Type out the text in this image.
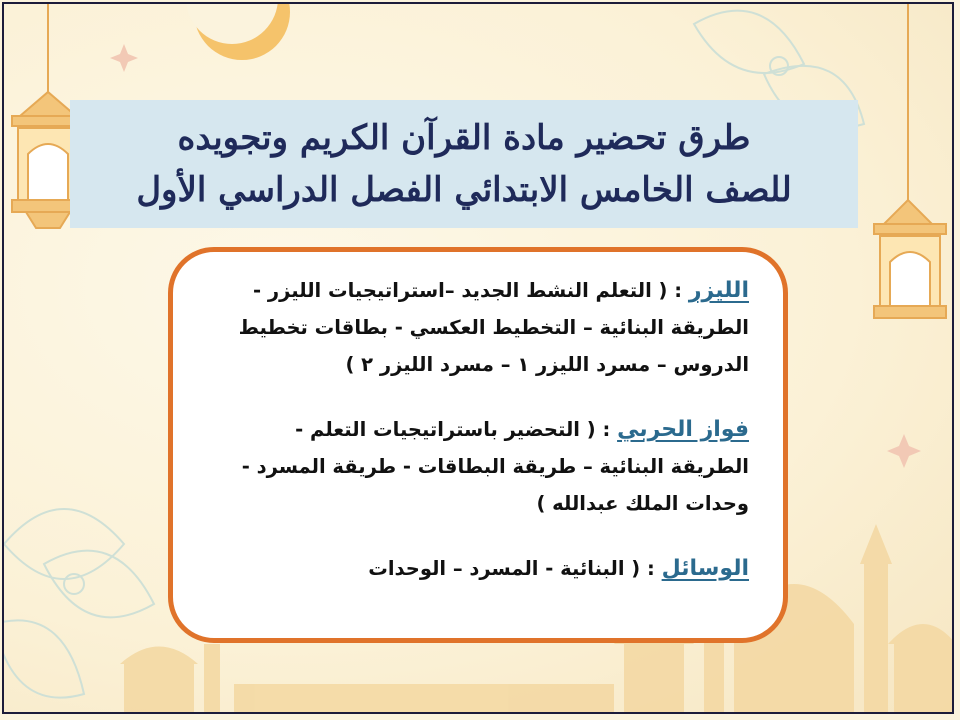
طرق تحضير مادة القرآن الكريم وتجويده
للصف الخامس الابتدائي الفصل الدراسي الأول

الليزر : ( التعلم النشط الجديد –استراتيجيات الليزر -

الطريقة البنائية – التخطيط العكسي - بطاقات تخطيط

الدروس – مسرد الليزر ١ – مسرد الليزر ٢ )

فواز الحربي : ( التحضير باستراتيجيات التعلم -

الطريقة البنائية – طريقة البطاقات - طريقة المسرد -

وحدات الملك عبدالله )

الوسائل : ( البنائية - المسرد – الوحدات
